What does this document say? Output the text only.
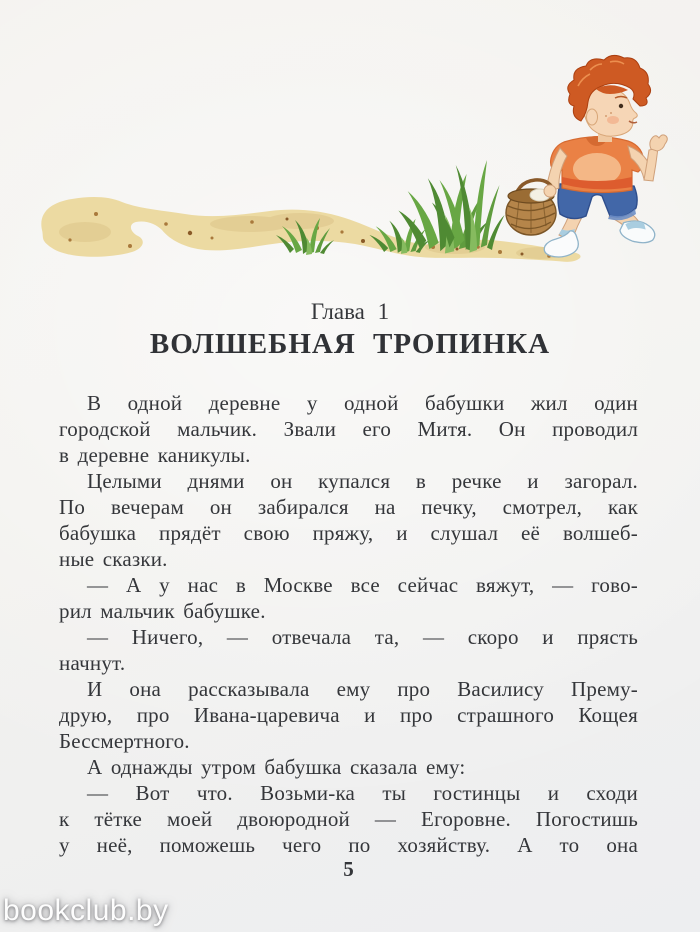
Глава 1
ВОЛШЕБНАЯ ТРОПИНКА
В одной деревне у одной бабушки жил один
городской мальчик. Звали его Митя. Он проводил
в деревне каникулы.
Целыми днями он купался в речке и загорал.
По вечерам он забирался на печку, смотрел, как
бабушка прядёт свою пряжу, и слушал её волшеб-
ные сказки.
— А у нас в Москве все сейчас вяжут, — гово-
рил мальчик бабушке.
— Ничего, — отвечала та, — скоро и прясть
начнут.
И она рассказывала ему про Василису Прему-
друю, про Ивана-царевича и про страшного Кощея
Бессмертного.
А однажды утром бабушка сказала ему:
— Вот что. Возьми-ка ты гостинцы и сходи
к тётке моей двоюродной — Егоровне. Погостишь
у неё, поможешь чего по хозяйству. А то она
5
bookclub.by
